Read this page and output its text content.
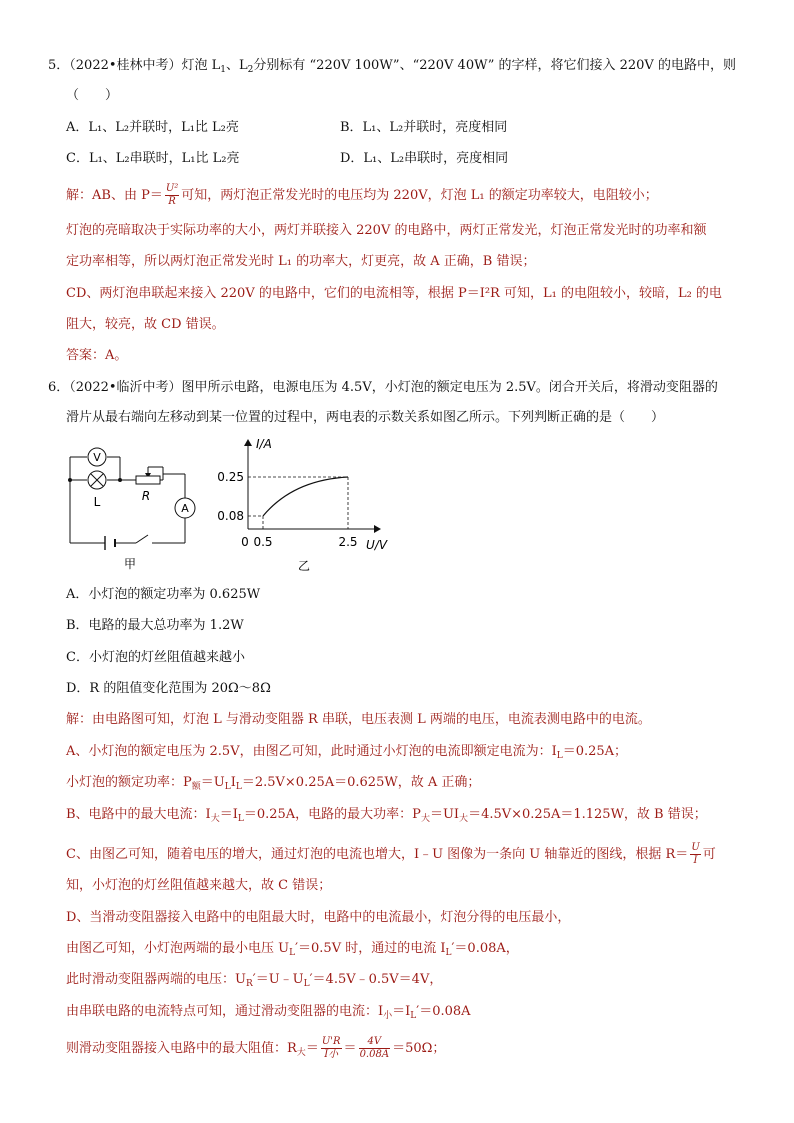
5．（2022•桂林中考）灯泡 $L_1$、$L_2$分别标有 “220V 100W”、“220V 40W” 的字样，将它们接入 220V 的电路中，则
（　　）
A．L₁、L₂并联时，L₁比 L₂亮	B．L₁、L₂并联时，亮度相同
C．L₁、L₂串联时，L₁比 L₂亮	D．L₁、L₂串联时，亮度相同
解：AB、由 $P= \frac{\text{U²}}{R}$ 可知，两灯泡正常发光时的电压均为 220V，灯泡 L₁ 的额定功率较大，电阻较小；
灯泡的亮暗取决于实际功率的大小，两灯并联接入 220V 的电路中，两灯正常发光，灯泡正常发光时的功率和额
定功率相等，所以两灯泡正常发光时 L₁ 的功率大，灯更亮，故 A 正确，B 错误；
CD、两灯泡串联起来接入 220V 的电路中，它们的电流相等，根据 P＝I²R 可知，L₁ 的电阻较小，较暗，L₂ 的电
阻大，较亮，故 CD 错误。
答案：A。
6．（2022•临沂中考）图甲所示电路，电源电压为 4.5V，小灯泡的额定电压为 2.5V。闭合开关后，将滑动变阻器的
滑片从最右端向左移动到某一位置的过程中，两电表的示数关系如图乙所示。下列判断正确的是（　　）
V
A
L	R
甲
I/A
0.25
0.08
0 0.5	2.5 U/V
乙
A．小灯泡的额定功率为 0.625W
B．电路的最大总功率为 1.2W
C．小灯泡的灯丝阻值越来越小
D．R 的阻值变化范围为 20Ω～8Ω
解：由电路图可知，灯泡 L 与滑动变阻器 R 串联，电压表测 L 两端的电压，电流表测电路中的电流。
A、小灯泡的额定电压为 2.5V，由图乙可知，此时通过小灯泡的电流即额定电流为：$I_L=0.25A$；
小灯泡的额定功率：$P_额=U_LI_L=2.5V\times 0.25A=0.625W$，故 A 正确；
B、电路中的最大电流：$I_大=I_L=0.25A$，电路的最大功率：$P_大=UI_大=4.5V\times 0.25A=1.125W$，故 B 错误；
C、由图乙可知，随着电压的增大，通过灯泡的电流也增大，I﹣U 图像为一条向 U 轴靠近的图线，根据 $R= \frac{U}{I}$ 可
知，小灯泡的灯丝阻值越来越大，故 C 错误；
D、当滑动变阻器接入电路中的电阻最大时，电路中的电流最小，灯泡分得的电压最小，
由图乙可知，小灯泡两端的最小电压 $U_L'=0.5V$ 时，通过的电流 $I_L'=0.08A$，
此时滑动变阻器两端的电压：$U_R'=U﹣U_L'=4.5V﹣0.5V=4V$，
由串联电路的电流特点可知，通过滑动变阻器的电流：$I_小=I_L'=0.08A$
则滑动变阻器接入电路中的最大阻值：$R_大= \frac{U'R}{\text{I小}} = \frac{4V}{0.08A} =50\Omega$；
